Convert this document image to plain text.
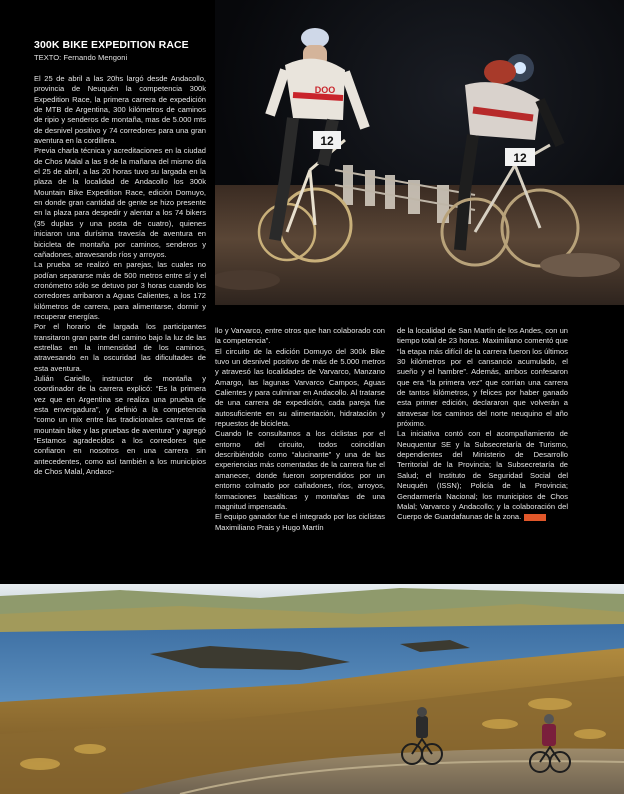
12
DOO
12
300K BIKE EXPEDITION RACE
TEXTO: Fernando Mengoni

El 25 de abril a las 20hs largó desde Andacollo, provincia de Neuquén la competencia 300k Expedition Race, la primera carrera de expedición de MTB de Argentina, 300 kilómetros de caminos de ripio y senderos de montaña, mas de 5.000 mts de desnivel positivo y 74 corredores para una gran aventura en la cordillera.

Previa charla técnica y acreditaciones en la ciudad de Chos Malal a las 9 de la mañana del mismo día el 25 de abril, a las 20 horas tuvo su largada en la plaza de la localidad de Andacollo los 300k Mountain Bike Expedition Race, edición Domuyo, en donde gran cantidad de gente se hizo presente en la plaza para despedir y alentar a los 74 bikers (35 duplas y una posta de cuatro), quienes iniciaron una durísima travesía de aventura en bicicleta de montaña por caminos, senderos y cañadones, atravesando ríos y arroyos.

La prueba se realizó en parejas, las cuales no podían separarse más de 500 metros entre sí y el cronómetro sólo se detuvo por 3 horas cuando los corredores arribaron a Aguas Calientes, a los 172 kilómetros de carrera, para alimentarse, dormir y recuperar energías.

Por el horario de largada los participantes transitaron gran parte del camino bajo la luz de las estrellas en la inmensidad de los caminos, atravesando en la oscuridad las dificultades de esta aventura.

Julián Cariello, instructor de montaña y coordinador de la carrera explicó: “Es la primera vez que en Argentina se realiza una prueba de esta envergadura”, y definió a la competencia “como un mix entre las tradicionales carreras de mountain bike y las pruebas de aventura” y agregó “Estamos agradecidos a los corredores que confiaron en nosotros en una carrera sin antecedentes, como así también a los municipios de Chos Malal, Andaco-

llo y Varvarco, entre otros que han colaborado con la competencia”.

El circuito de la edición Domuyo del 300k Bike tuvo un desnivel positivo de más de 5.000 metros y atravesó las localidades de Varvarco, Manzano Amargo, las lagunas Varvarco Campos, Aguas Calientes y para culminar en Andacollo. Al tratarse de una carrera de expedición, cada pareja fue autosuficiente en su alimentación, hidratación y repuestos de bicicleta.

Cuando le consultamos a los ciclistas por el entorno del circuito, todos coincidían describiéndolo como “alucinante” y una de las experiencias más comentadas de la carrera fue el amanecer, donde fueron sorprendidos por un entorno colmado por cañadones, ríos, arroyos, formaciones basálticas y montañas de una magnitud impensada.

El equipo ganador fue el integrado por los ciclistas Maximiliano Prais y Hugo Martín

de la localidad de San Martín de los Andes, con un tiempo total de 23 horas. Maximiliano comentó que “la etapa más difícil de la carrera fueron los últimos 30 kilómetros por el cansancio acumulado, el sueño y el hambre”. Además, ambos confesaron que era “la primera vez” que corrían una carrera de tantos kilómetros, y felices por haber ganado esta primer edición, declararon que volverán a atravesar los caminos del norte neuquino el año próximo.

La iniciativa contó con el acompañamiento de Neuquentur SE y la Subsecretaría de Turismo, dependientes del Ministerio de Desarrollo Territorial de la Provincia; la Subsecretaría de Salud; el Instituto de Seguridad Social del Neuquén (ISSN); Policía de la Provincia; Gendarmería Nacional; los municipios de Chos Malal; Varvarco y Andacollo; y la colaboración del Cuerpo de Guardafaunas de la zona.
